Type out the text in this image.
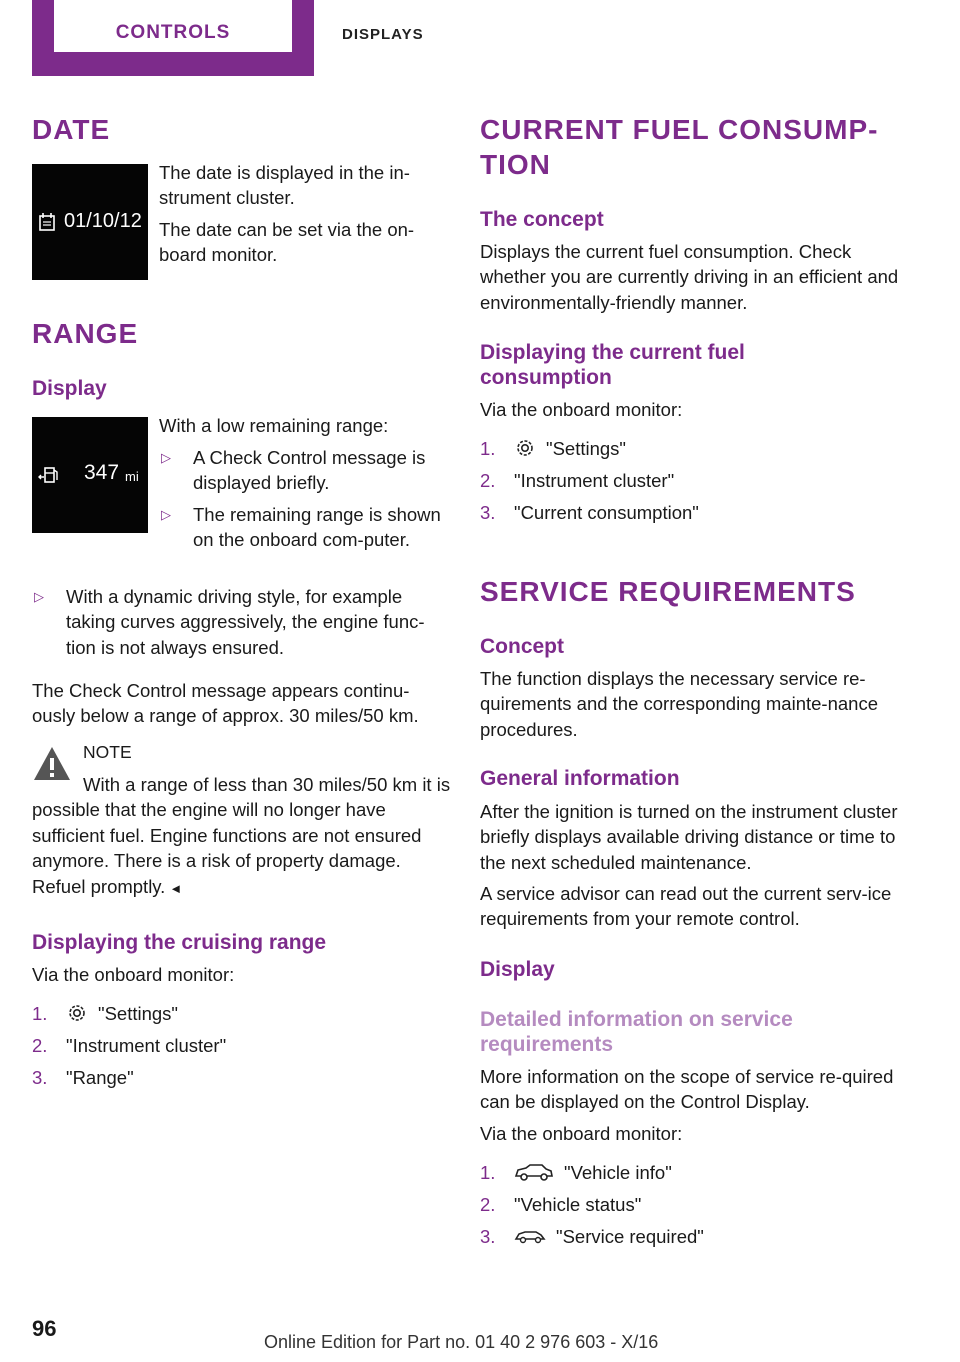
CONTROLS	DISPLAYS
DATE
01/10/12

The date is displayed in the in-strument cluster.

The date can be set via the on-board monitor.

RANGE
Display
347 mi

With a low remaining range:

▷ A Check Control message is displayed briefly.
▷ The remaining range is shown on the onboard com-puter.
▷ With a dynamic driving style, for example taking curves aggressively, the engine func-tion is not always ensured.

The Check Control message appears continu-ously below a range of approx. 30 miles/50 km.

NOTE

With a range of less than 30 miles/50 km it is possible that the engine will no longer have sufficient fuel. Engine functions are not ensured anymore. There is a risk of property damage. Refuel promptly. ◄

Displaying the cruising range

Via the onboard monitor:

1.	"Settings"
2. "Instrument cluster"
3. "Range"
CURRENT FUEL CONSUMP-
TION
The concept

Displays the current fuel consumption. Check whether you are currently driving in an efficient and environmentally-friendly manner.

Displaying the current fuel
consumption

Via the onboard monitor:

1.	"Settings"
2. "Instrument cluster"
3. "Current consumption"
SERVICE REQUIREMENTS
Concept

The function displays the necessary service re-quirements and the corresponding mainte-nance procedures.

General information

After the ignition is turned on the instrument cluster briefly displays available driving distance or time to the next scheduled maintenance.

A service advisor can read out the current serv-ice requirements from your remote control.

Display
Detailed information on service
requirements

More information on the scope of service re-quired can be displayed on the Control Display.

Via the onboard monitor:

1.	"Vehicle info"
2. "Vehicle status"
3.	"Service required"
96
Online Edition for Part no. 01 40 2 976 603 - X/16
